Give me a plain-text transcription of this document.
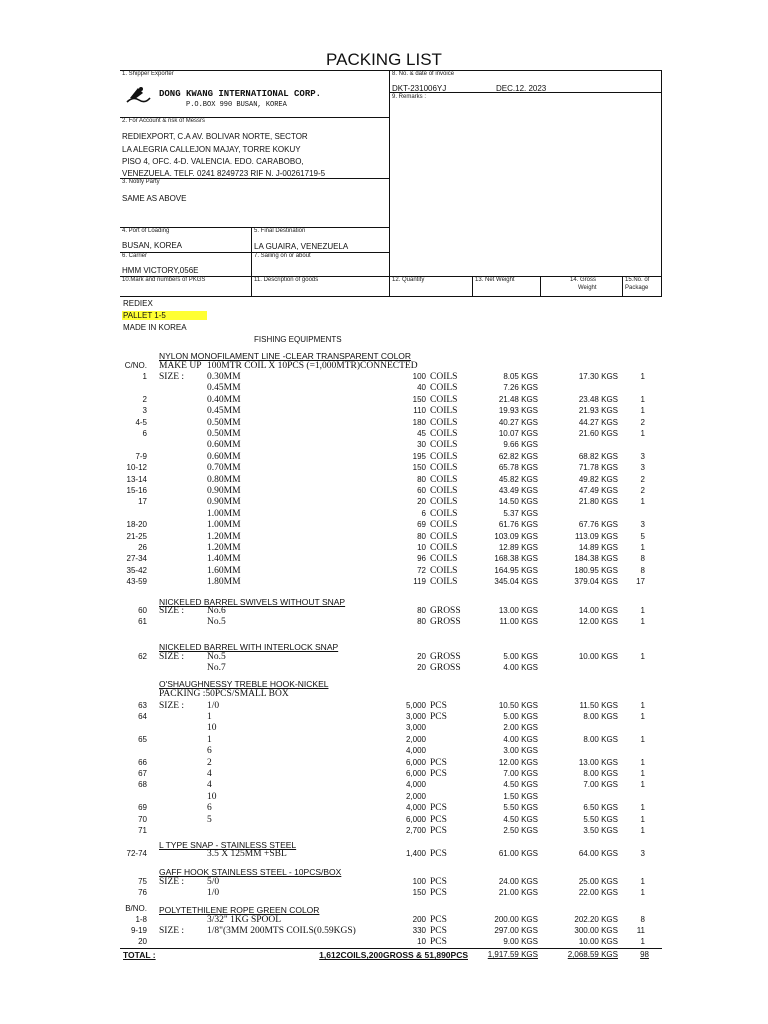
PACKING LIST
1. Shipper Exporter
DONG KWANG INTERNATIONAL CORP.
P.O.BOX 990 BUSAN, KOREA
8. No. & date of invoice
DKT-231006YJ	DEC.12. 2023
9. Remarks :
2. For Account & risk of Messrs
REDIEXPORT, C.A AV. BOLIVAR NORTE, SECTOR
LA ALEGRIA CALLEJON MAJAY, TORRE KOKUY
PISO 4, OFC. 4-D. VALENCIA. EDO. CARABOBO,
VENEZUELA. TELF. 0241 8249723 RIF N. J-00261719-5
3. Notify Party
SAME AS ABOVE
4. Port of Loading
BUSAN, KOREA
5. Final Destination
LA GUAIRA, VENEZUELA
6. Carrier
HMM VICTORY,056E
7. Sailing on or about
10.Mark and numbers of PKGS	11. Description of goods	12. Quantity	13. Net Weight	14. Gross
Weight
15.No. of
Package
REDIEX
PALLET 1-5
MADE IN KOREA
FISHING EQUIPMENTS
NYLON MONOFILAMENT LINE -CLEAR TRANSPARENT COLOR
NICKELED BARREL SWIVELS WITHOUT SNAP
NICKELED BARREL WITH INTERLOCK SNAP
O'SHAUGHNESSY TREBLE HOOK-NICKEL
L TYPE SNAP - STAINLESS STEEL
GAFF HOOK STAINLESS STEEL - 10PCS/BOX
POLYTETHILENE ROPE GREEN COLOR
C/NO. MAKE UP 100MTR COIL X 10PCS (=1,000MTR)CONNECTED
1 SIZE :	0.30MM	100 COILS	8.05 KGS	17.30 KGS	1
0.45MM	40 COILS	7.26 KGS
2	0.40MM	150 COILS	21.48 KGS	23.48 KGS	1
3	0.45MM	110 COILS	19.93 KGS	21.93 KGS	1
4-5	0.50MM	180 COILS	40.27 KGS	44.27 KGS	2
6	0.50MM	45 COILS	10.07 KGS	21.60 KGS	1
0.60MM	30 COILS	9.66 KGS
7-9	0.60MM	195 COILS	62.82 KGS	68.82 KGS	3
10-12	0.70MM	150 COILS	65.78 KGS	71.78 KGS	3
13-14	0.80MM	80 COILS	45.82 KGS	49.82 KGS	2
15-16	0.90MM	60 COILS	43.49 KGS	47.49 KGS	2
17	0.90MM	20 COILS	14.50 KGS	21.80 KGS	1
1.00MM	6 COILS	5.37 KGS
18-20	1.00MM	69 COILS	61.76 KGS	67.76 KGS	3
21-25	1.20MM	80 COILS	103.09 KGS	113.09 KGS	5
26	1.20MM	10 COILS	12.89 KGS	14.89 KGS	1
27-34	1.40MM	96 COILS	168.38 KGS	184.38 KGS	8
35-42	1.60MM	72 COILS	164.95 KGS	180.95 KGS	8
43-59	1.80MM	119 COILS	345.04 KGS	379.04 KGS	17
60 SIZE :	No.6	80 GROSS	13.00 KGS	14.00 KGS	1
61	No.5	80 GROSS	11.00 KGS	12.00 KGS	1
62 SIZE :	No.5	20 GROSS	5.00 KGS	10.00 KGS	1
No.7	20 GROSS	4.00 KGS
PACKING :50PCS/SMALL BOX
63 SIZE :	1/0	5,000 PCS	10.50 KGS	11.50 KGS	1
64	1	3,000 PCS	5.00 KGS	8.00 KGS	1
10	3,000	2.00 KGS
65	1	2,000	4.00 KGS	8.00 KGS	1
6	4,000	3.00 KGS
66	2	6,000 PCS	12.00 KGS	13.00 KGS	1
67	4	6,000 PCS	7.00 KGS	8.00 KGS	1
68	4	4,000	4.50 KGS	7.00 KGS	1
10	2,000	1.50 KGS
69	6	4,000 PCS	5.50 KGS	6.50 KGS	1
70	5	6,000 PCS	4.50 KGS	5.50 KGS	1
71	2,700 PCS	2.50 KGS	3.50 KGS	1
72-74	3.5 X 125MM +SBL	1,400 PCS	61.00 KGS	64.00 KGS	3
75 SIZE :	5/0	100 PCS	24.00 KGS	25.00 KGS	1
76	1/0	150 PCS	21.00 KGS	22.00 KGS	1
B/NO.
1-8	3/32" 1KG SPOOL	200 PCS	200.00 KGS	202.20 KGS	8
9-19 SIZE :	1/8"(3MM 200MTS COILS(0.59KGS)	330 PCS	297.00 KGS	300.00 KGS	11
20	10 PCS	9.00 KGS	10.00 KGS	1
TOTAL :	1,612COILS,200GROSS & 51,890PCS	1,917.59 KGS	2,068.59 KGS	98
